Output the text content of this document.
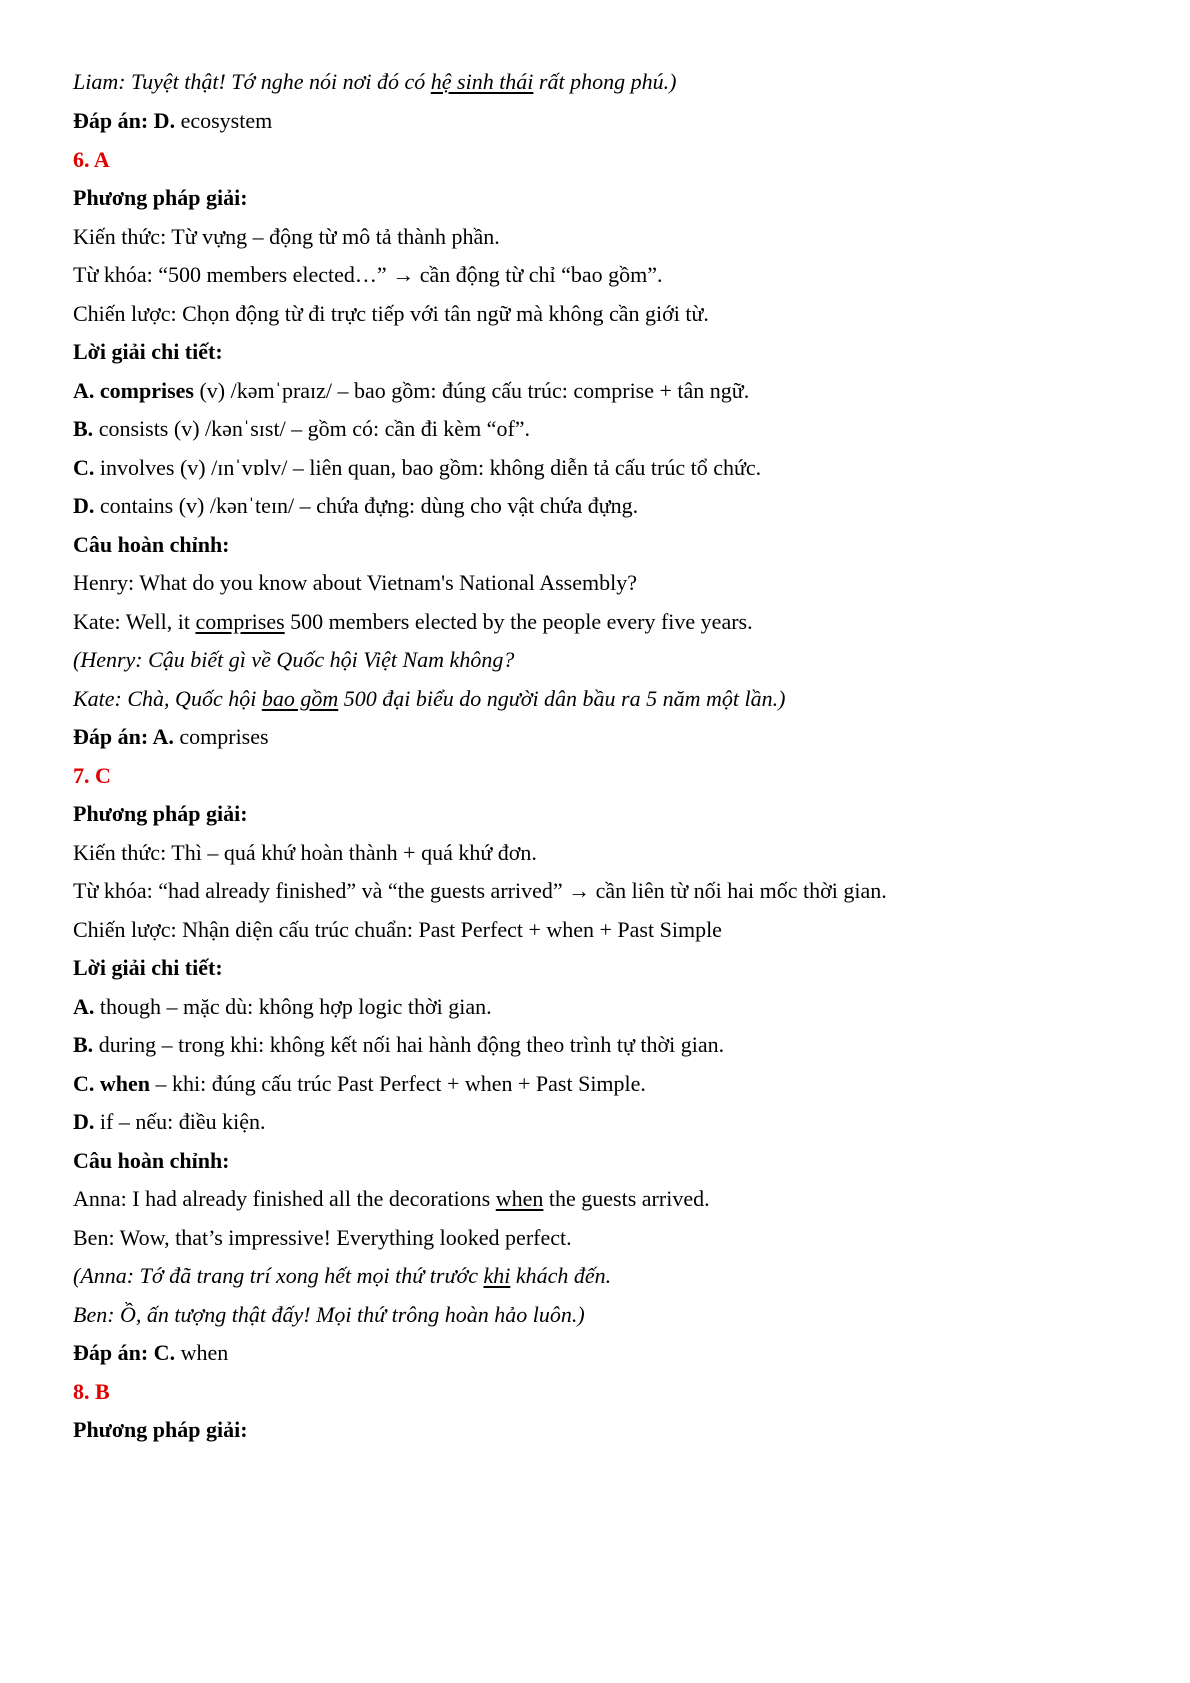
Liam: Tuyệt thật! Tớ nghe nói nơi đó có hệ sinh thái rất phong phú.)
Đáp án: D. ecosystem
6. A
Phương pháp giải:
Kiến thức: Từ vựng – động từ mô tả thành phần.
Từ khóa: “500 members elected…” → cần động từ chỉ “bao gồm”.
Chiến lược: Chọn động từ đi trực tiếp với tân ngữ mà không cần giới từ.
Lời giải chi tiết:
A. comprises (v) /kəmˈpraɪz/ – bao gồm: đúng cấu trúc: comprise + tân ngữ.
B. consists (v) /kənˈsɪst/ – gồm có: cần đi kèm “of”.
C. involves (v) /ɪnˈvɒlv/ – liên quan, bao gồm: không diễn tả cấu trúc tổ chức.
D. contains (v) /kənˈteɪn/ – chứa đựng: dùng cho vật chứa đựng.
Câu hoàn chỉnh:
Henry: What do you know about Vietnam's National Assembly?
Kate: Well, it comprises 500 members elected by the people every five years.
(Henry: Cậu biết gì về Quốc hội Việt Nam không?
Kate: Chà, Quốc hội bao gồm 500 đại biểu do người dân bầu ra 5 năm một lần.)
Đáp án: A. comprises
7. C
Phương pháp giải:
Kiến thức: Thì – quá khứ hoàn thành + quá khứ đơn.
Từ khóa: “had already finished” và “the guests arrived” → cần liên từ nối hai mốc thời gian.
Chiến lược: Nhận diện cấu trúc chuẩn: Past Perfect + when + Past Simple
Lời giải chi tiết:
A. though – mặc dù: không hợp logic thời gian.
B. during – trong khi: không kết nối hai hành động theo trình tự thời gian.
C. when – khi: đúng cấu trúc Past Perfect + when + Past Simple.
D. if – nếu: điều kiện.
Câu hoàn chỉnh:
Anna: I had already finished all the decorations when the guests arrived.
Ben: Wow, that’s impressive! Everything looked perfect.
(Anna: Tớ đã trang trí xong hết mọi thứ trước khi khách đến.
Ben: Ồ, ấn tượng thật đấy! Mọi thứ trông hoàn hảo luôn.)
Đáp án: C. when
8. B
Phương pháp giải:
